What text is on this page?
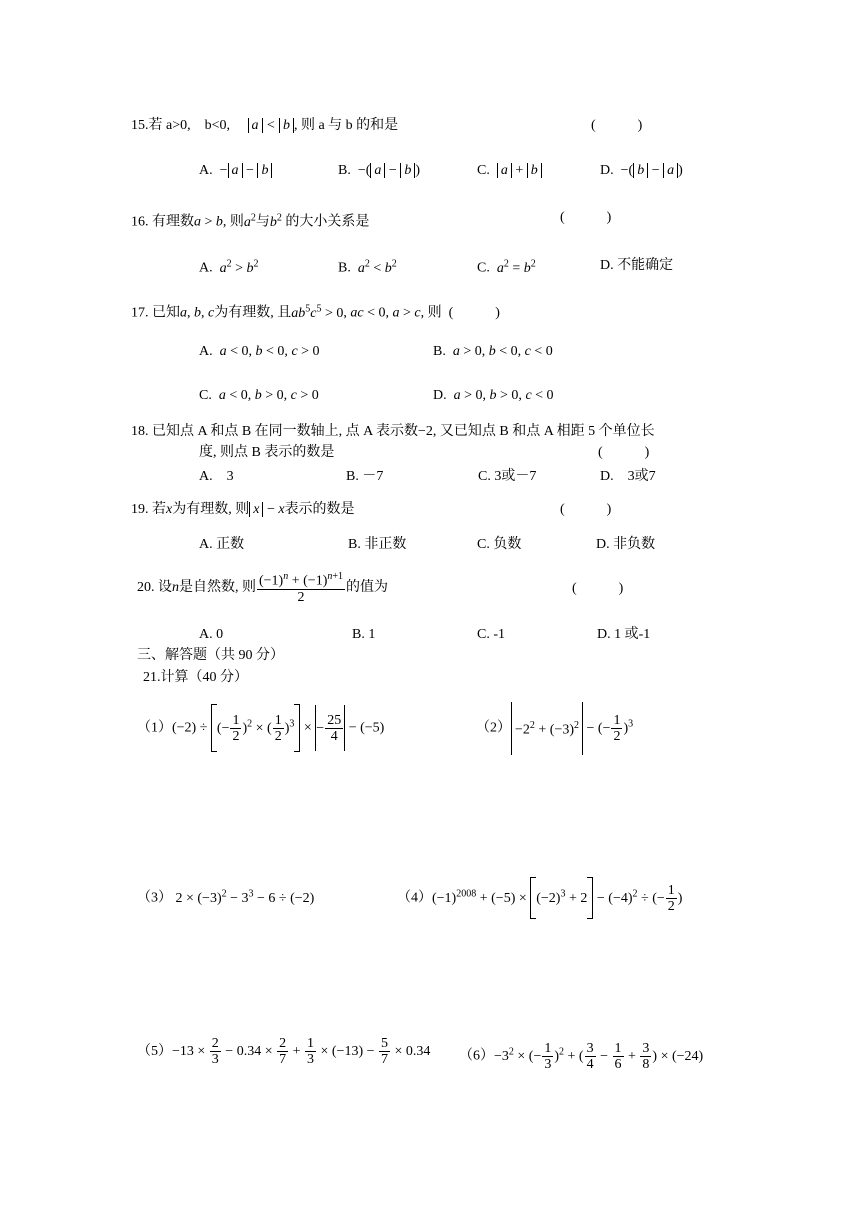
15.若 a>0,　b<0,　 a < b , 则 a 与 b 的和是	(　　　)
A. − a − b	B. −( a − b )	C. a + b	D. −( b − a )
16. 有理数a > b, 则$a^2$与$b^2$ 的大小关系是	(　　　)
A. $a^2 > b^2$	B. $a^2 < b^2$	C. $a^2 = b^2$	D. 不能确定
17. 已知a, b, c为有理数, 且$ab^5c^5 > 0$, ac < 0, a > c, 则 (　　　)
A. a < 0, b < 0, c > 0	B. a > 0, b < 0, c < 0
C. a < 0, b > 0, c > 0	D. a > 0, b > 0, c < 0
18. 已知点 A 和点 B 在同一数轴上, 点 A 表示数−2, 又已知点 B 和点 A 相距 5 个单位长
度, 则点 B 表示的数是	(　　　)
A.　3	B. －7	C. 3或－7	D.　3或7
19. 若x为有理数, 则 x − x表示的数是	(　　　)
A. 正数	B. 非正数	C. 负数	D. 非负数
20. 设n是自然数, 则 $\frac{(-1)^n + (-1)^{n+1}}{2}$ 的值为	(　　　)
A. 0	B. 1	C. -1	D. 1 或-1
三、解答题（共 90 分）
21.计算（40 分）
（1）(−2) ÷ (− $\frac{1}{2} )^2$ × ( $\frac{1}{2} )^3$ × − $\frac{25}{4} - (-5)$	$(2) -2^2 + (-3)^2$ − (− $\frac{1}{2} )^3$
（3） $2 \times (-3)^2 - 3^3 - 6 \div (-2)$	$(4)(-1)^{2008} + (-5) \times (-2)^3 + 2 - (-4)^2$ ÷ (− $\frac{1}{2}$ )
$(5)-13 \times \frac{2}{3} - 0.34 \times \frac{2}{7} + \frac{1}{3} \times (-13) - \frac{5}{7} \times 0.34$ $(6)-3^2$ × (− $\frac{1}{3} )^2$ + ( $\frac{3}{4} - \frac{1}{6} + \frac{3}{8}$ ) × (−24)
